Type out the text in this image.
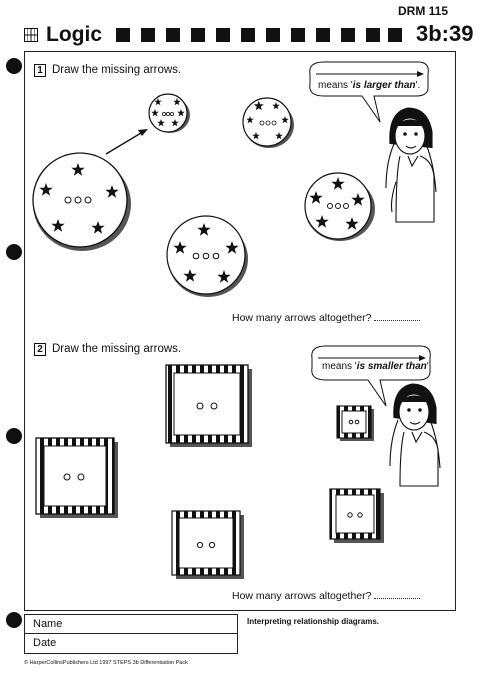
DRM 115
Logic	3b:39
1 Draw the missing arrows.
means 'is larger than'.
How many arrows altogether?
2 Draw the missing arrows.
means 'is smaller than'.
How many arrows altogether?
Name
Date
Interpreting relationship diagrams.
© HarperCollinsPublishers Ltd 1997 STEPS 3b Differentiation Pack
